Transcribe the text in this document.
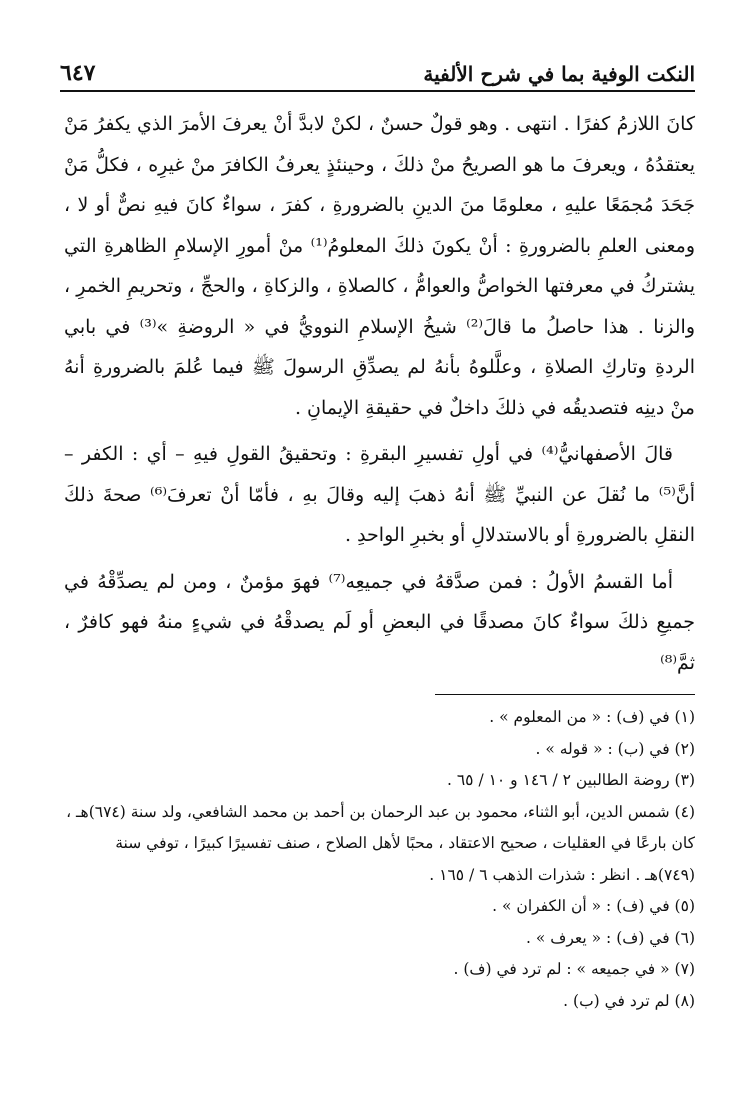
٦٤٧	النكت الوفية بما في شرح الألفية

كانَ اللازمُ كفرًا . انتهى . وهو قولٌ حسنٌ ، لكنْ لابدَّ أنْ يعرفَ الأمرَ الذي يكفرُ مَنْ يعتقدُهُ ، ويعرفَ ما هو الصريحُ منْ ذلكَ ، وحينئذٍ يعرفُ الكافرَ منْ غيرِه ، فكلُّ مَنْ جَحَدَ مُجمَعًا عليهِ ، معلومًا منَ الدينِ بالضرورةِ ، كفرَ ، سواءٌ كانَ فيهِ نصٌّ أو لا ، ومعنى العلمِ بالضرورةِ : أنْ يكونَ ذلكَ المعلومُ⁽¹⁾ منْ أمورِ الإسلامِ الظاهرةِ التي يشتركُ في معرفتها الخواصُّ والعوامُّ ، كالصلاةِ ، والزكاةِ ، والحجِّ ، وتحريمِ الخمرِ ، والزنا . هذا حاصلُ ما قالَ⁽²⁾ شيخُ الإسلامِ النوويُّ في « الروضةِ »⁽³⁾ في بابي الردةِ وتاركِ الصلاةِ ، وعلَّلوهُ بأنهُ لم يصدِّقِ الرسولَ ﷺ فيما عُلمَ بالضرورةِ أنهُ منْ دينِه فتصديقُه في ذلكَ داخلٌ في حقيقةِ الإيمانِ .

قالَ الأصفهانيُّ⁽⁴⁾ في أولِ تفسيرِ البقرةِ : وتحقيقُ القولِ فيهِ – أي : الكفر – أنَّ⁽⁵⁾ ما نُقلَ عن النبيِّ ﷺ أنهُ ذهبَ إليه وقالَ بهِ ، فأمّا أنْ تعرفَ⁽⁶⁾ صحةَ ذلكَ النقلِ بالضرورةِ أو بالاستدلالِ أو بخبرِ الواحدِ .

أما القسمُ الأولُ : فمن صدَّقهُ في جميعِه⁽⁷⁾ فهوَ مؤمنٌ ، ومن لم يصدِّقْهُ في جميعِ ذلكَ سواءٌ كانَ مصدقًا في البعضِ أو لَم يصدقْهُ في شيءٍ منهُ فهو كافرٌ ، ثمَّ⁽⁸⁾

(١) في (ف) : « من المعلوم » .

(٢) في (ب) : « قوله » .

(٣) روضة الطالبين ٢ / ١٤٦ و ١٠ / ٦٥ .

(٤) شمس الدين، أبو الثناء، محمود بن عبد الرحمان بن أحمد بن محمد الشافعي، ولد سنة (٦٧٤)هـ ، كان بارعًا في العقليات ، صحيح الاعتقاد ، محبًا لأهل الصلاح ، صنف تفسيرًا كبيرًا ، توفي سنة (٧٤٩)هـ . انظر : شذرات الذهب ٦ / ١٦٥ .

(٥) في (ف) : « أن الكفران » .

(٦) في (ف) : « يعرف » .

(٧) « في جميعه » : لم ترد في (ف) .

(٨) لم ترد في (ب) .
